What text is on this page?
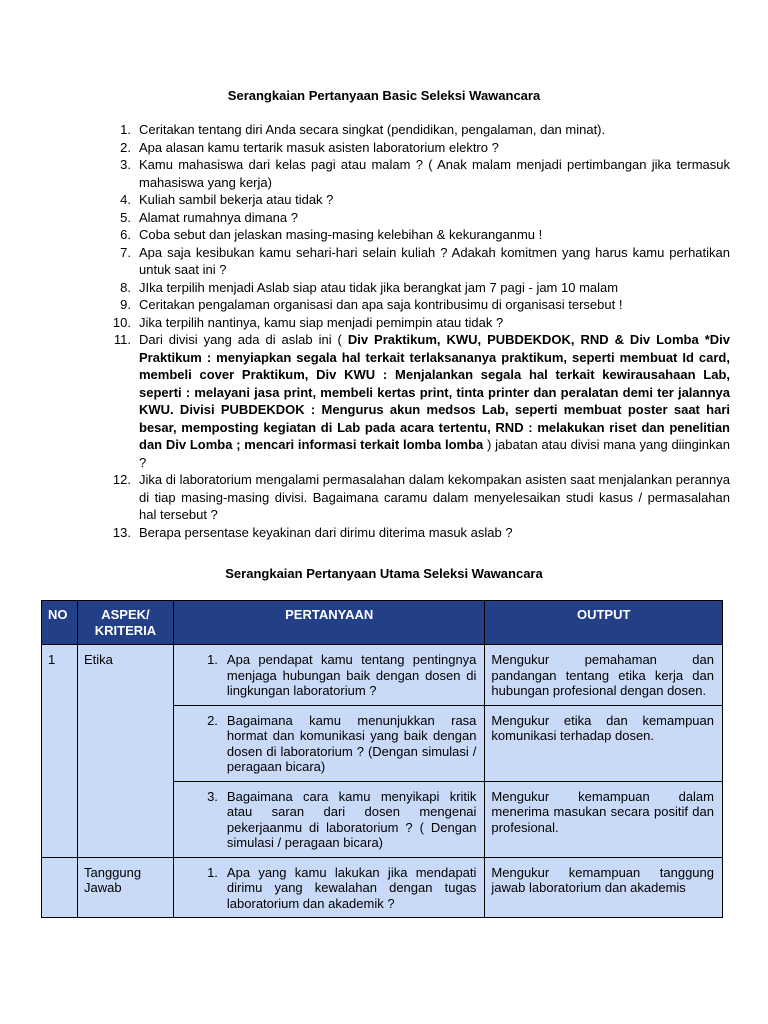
Serangkaian Pertanyaan Basic Seleksi Wawancara
1. Ceritakan tentang diri Anda secara singkat (pendidikan, pengalaman, dan minat).
2. Apa alasan kamu tertarik masuk asisten laboratorium elektro ?
3. Kamu mahasiswa dari kelas pagi atau malam ? ( Anak malam menjadi pertimbangan jika termasuk mahasiswa yang kerja)
4. Kuliah sambil bekerja atau tidak ?
5. Alamat rumahnya dimana ?
6. Coba sebut dan jelaskan masing-masing kelebihan & kekuranganmu !
7. Apa saja kesibukan kamu sehari-hari selain kuliah ? Adakah komitmen yang harus kamu perhatikan untuk saat ini ?
8. JIka terpilih menjadi Aslab siap atau tidak jika berangkat jam 7 pagi - jam 10 malam
9. Ceritakan pengalaman organisasi dan apa saja kontribusimu di organisasi tersebut !
10. Jika terpilih nantinya, kamu siap menjadi pemimpin atau tidak ?
11. Dari divisi yang ada di aslab ini ( Div Praktikum, KWU, PUBDEKDOK, RND & Div Lomba *Div Praktikum : menyiapkan segala hal terkait terlaksananya praktikum, seperti membuat Id card, membeli cover Praktikum, Div KWU : Menjalankan segala hal terkait kewirausahaan Lab, seperti : melayani jasa print, membeli kertas print, tinta printer dan peralatan demi ter jalannya KWU. Divisi PUBDEKDOK : Mengurus akun medsos Lab, seperti membuat poster saat hari besar, memposting kegiatan di Lab pada acara tertentu, RND : melakukan riset dan penelitian dan Div Lomba ; mencari informasi terkait lomba lomba ) jabatan atau divisi mana yang diinginkan ?
12. Jika di laboratorium mengalami permasalahan dalam kekompakan asisten saat menjalankan perannya di tiap masing-masing divisi. Bagaimana caramu dalam menyelesaikan studi kasus / permasalahan hal tersebut ?
13. Berapa persentase keyakinan dari dirimu diterima masuk aslab ?
Serangkaian Pertanyaan Utama Seleksi Wawancara
NO	ASPEK/ KRITERIA	PERTANYAAN	OUTPUT
1	Etika	1. Apa pendapat kamu tentang pentingnya menjaga hubungan baik dengan dosen di lingkungan laboratorium ?	Mengukur pemahaman dan pandangan tentang etika kerja dan hubungan profesional dengan dosen.

		2. Bagaimana kamu menunjukkan rasa hormat dan komunikasi yang baik dengan dosen di laboratorium ? (Dengan simulasi / peragaan bicara)	Mengukur etika dan kemampuan komunikasi terhadap dosen.

		3. Bagaimana cara kamu menyikapi kritik atau saran dari dosen mengenai pekerjaanmu di laboratorium ? ( Dengan simulasi / peragaan bicara)	Mengukur kemampuan dalam menerima masukan secara positif dan profesional.
	Tanggung Jawab	1. Apa yang kamu lakukan jika mendapati dirimu yang kewalahan dengan tugas laboratorium dan akademik ?	Mengukur kemampuan tanggung jawab laboratorium dan akademis
